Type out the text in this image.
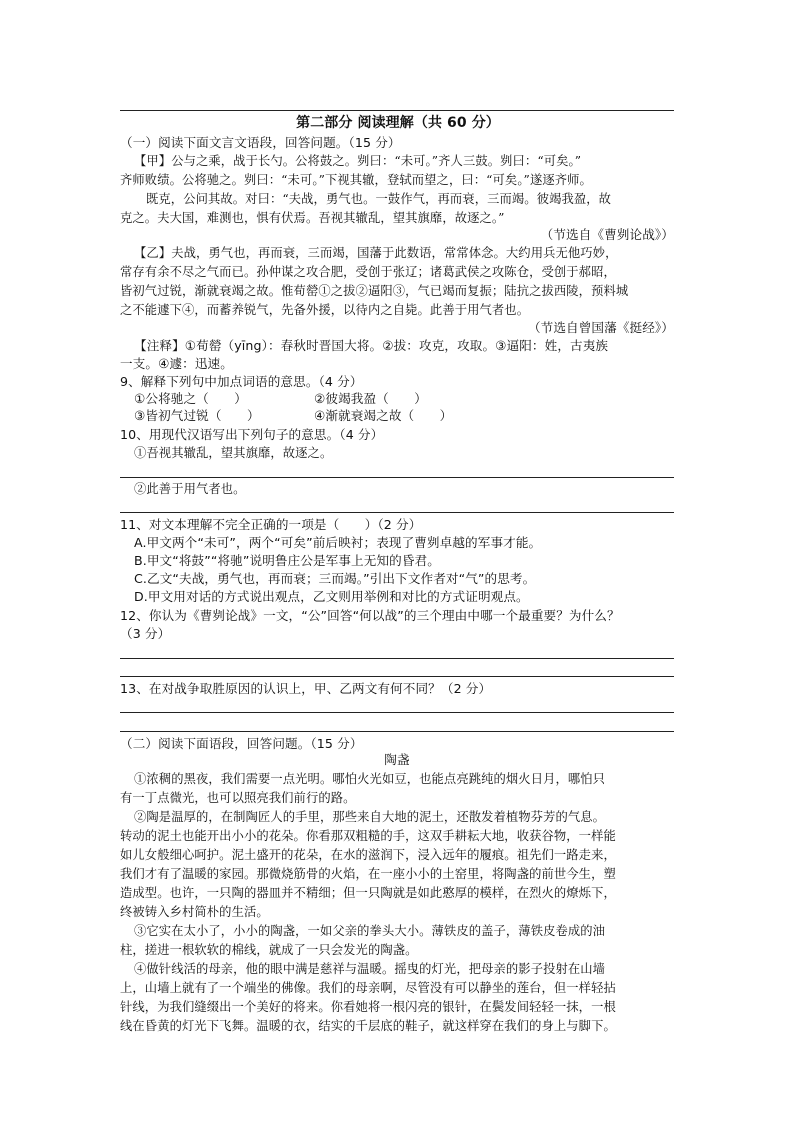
第二部分 阅读理解（共 60 分）
（一）阅读下面文言文语段，回答问题。（15 分）
【甲】公与之乘，战于长勺。公将鼓之。刿曰：“未可。”齐人三鼓。刿曰：“可矣。”
齐师败绩。公将驰之。刿曰：“未可。”下视其辙，登轼而望之，曰：“可矣。”遂逐齐师。
既克，公问其故。对曰：“夫战，勇气也。一鼓作气，再而衰，三而竭。彼竭我盈，故
克之。夫大国，难测也，惧有伏焉。吾视其辙乱，望其旗靡，故逐之。”
（节选自《曹刿论战》）
【乙】夫战，勇气也，再而衰，三而竭，国藩于此数语，常常体念。大约用兵无他巧妙，
常存有余不尽之气而已。孙仲谋之攻合肥，受创于张辽；诸葛武侯之攻陈仓，受创于郝昭，
皆初气过锐，渐就衰竭之故。惟荀罃①之拔②逼阳③，气已竭而复振；陆抗之拔西陵，预料城
之不能遽下④，而蓄养锐气，先备外援，以待内之自毙。此善于用气者也。
（节选自曾国藩《挺经》）
【注释】①荀罃（yīng）：春秋时晋国大将。②拔：攻克，攻取。③逼阳：姓，古夷族
一支。④遽：迅速。
9、解释下列句中加点词语的意思。（4 分）
①公将驰之（　　）	②彼竭我盈（　　）
③皆初气过锐（　　）	④渐就衰竭之故（　　）
10、用现代汉语写出下列句子的意思。（4 分）
①吾视其辙乱，望其旗靡，故逐之。
②此善于用气者也。
11、对文本理解不完全正确的一项是（　　）（2 分）
A.甲文两个“未可”，两个“可矣”前后映衬；表现了曹刿卓越的军事才能。
B.甲文“将鼓”“将驰”说明鲁庄公是军事上无知的昏君。
C.乙文“夫战，勇气也，再而衰；三而竭。”引出下文作者对“气”的思考。
D.甲文用对话的方式说出观点，乙文则用举例和对比的方式证明观点。
12、你认为《曹刿论战》一文，“公”回答“何以战”的三个理由中哪一个最重要？为什么？
（3 分）
13、在对战争取胜原因的认识上，甲、乙两文有何不同？（2 分）
（二）阅读下面语段，回答问题。（15 分）
陶盏
①浓稠的黑夜，我们需要一点光明。哪怕火光如豆，也能点亮跳纯的烟火日月，哪怕只
有一丁点微光，也可以照亮我们前行的路。
②陶是温厚的，在制陶匠人的手里，那些来自大地的泥土，还散发着植物芬芳的气息。
转动的泥土也能开出小小的花朵。你看那双粗糙的手，这双手耕耘大地，收获谷物，一样能
如儿女般细心呵护。泥土盛开的花朵，在水的滋润下，浸入远年的履痕。祖先们一路走来，
我们才有了温暖的家园。那微烧筋骨的火焰，在一座小小的土窑里，将陶盏的前世今生，塑
造成型。也许，一只陶的器皿并不精细；但一只陶就是如此憨厚的模样，在烈火的燎烁下，
终被铸入乡村简朴的生活。
③它实在太小了，小小的陶盏，一如父亲的拳头大小。薄铁皮的盖子，薄铁皮卷成的油
柱，搓进一根软软的棉线，就成了一只会发光的陶盏。
④做针线活的母亲，他的眼中满是慈祥与温暖。摇曳的灯光，把母亲的影子投射在山墙
上，山墙上就有了一个端坐的佛像。我们的母亲啊，尽管没有可以静坐的莲台，但一样轻拈
针线，为我们缝缀出一个美好的将来。你看她将一根闪亮的银针，在鬓发间轻轻一抹，一根
线在昏黄的灯光下飞舞。温暖的衣，结实的千层底的鞋子，就这样穿在我们的身上与脚下。
